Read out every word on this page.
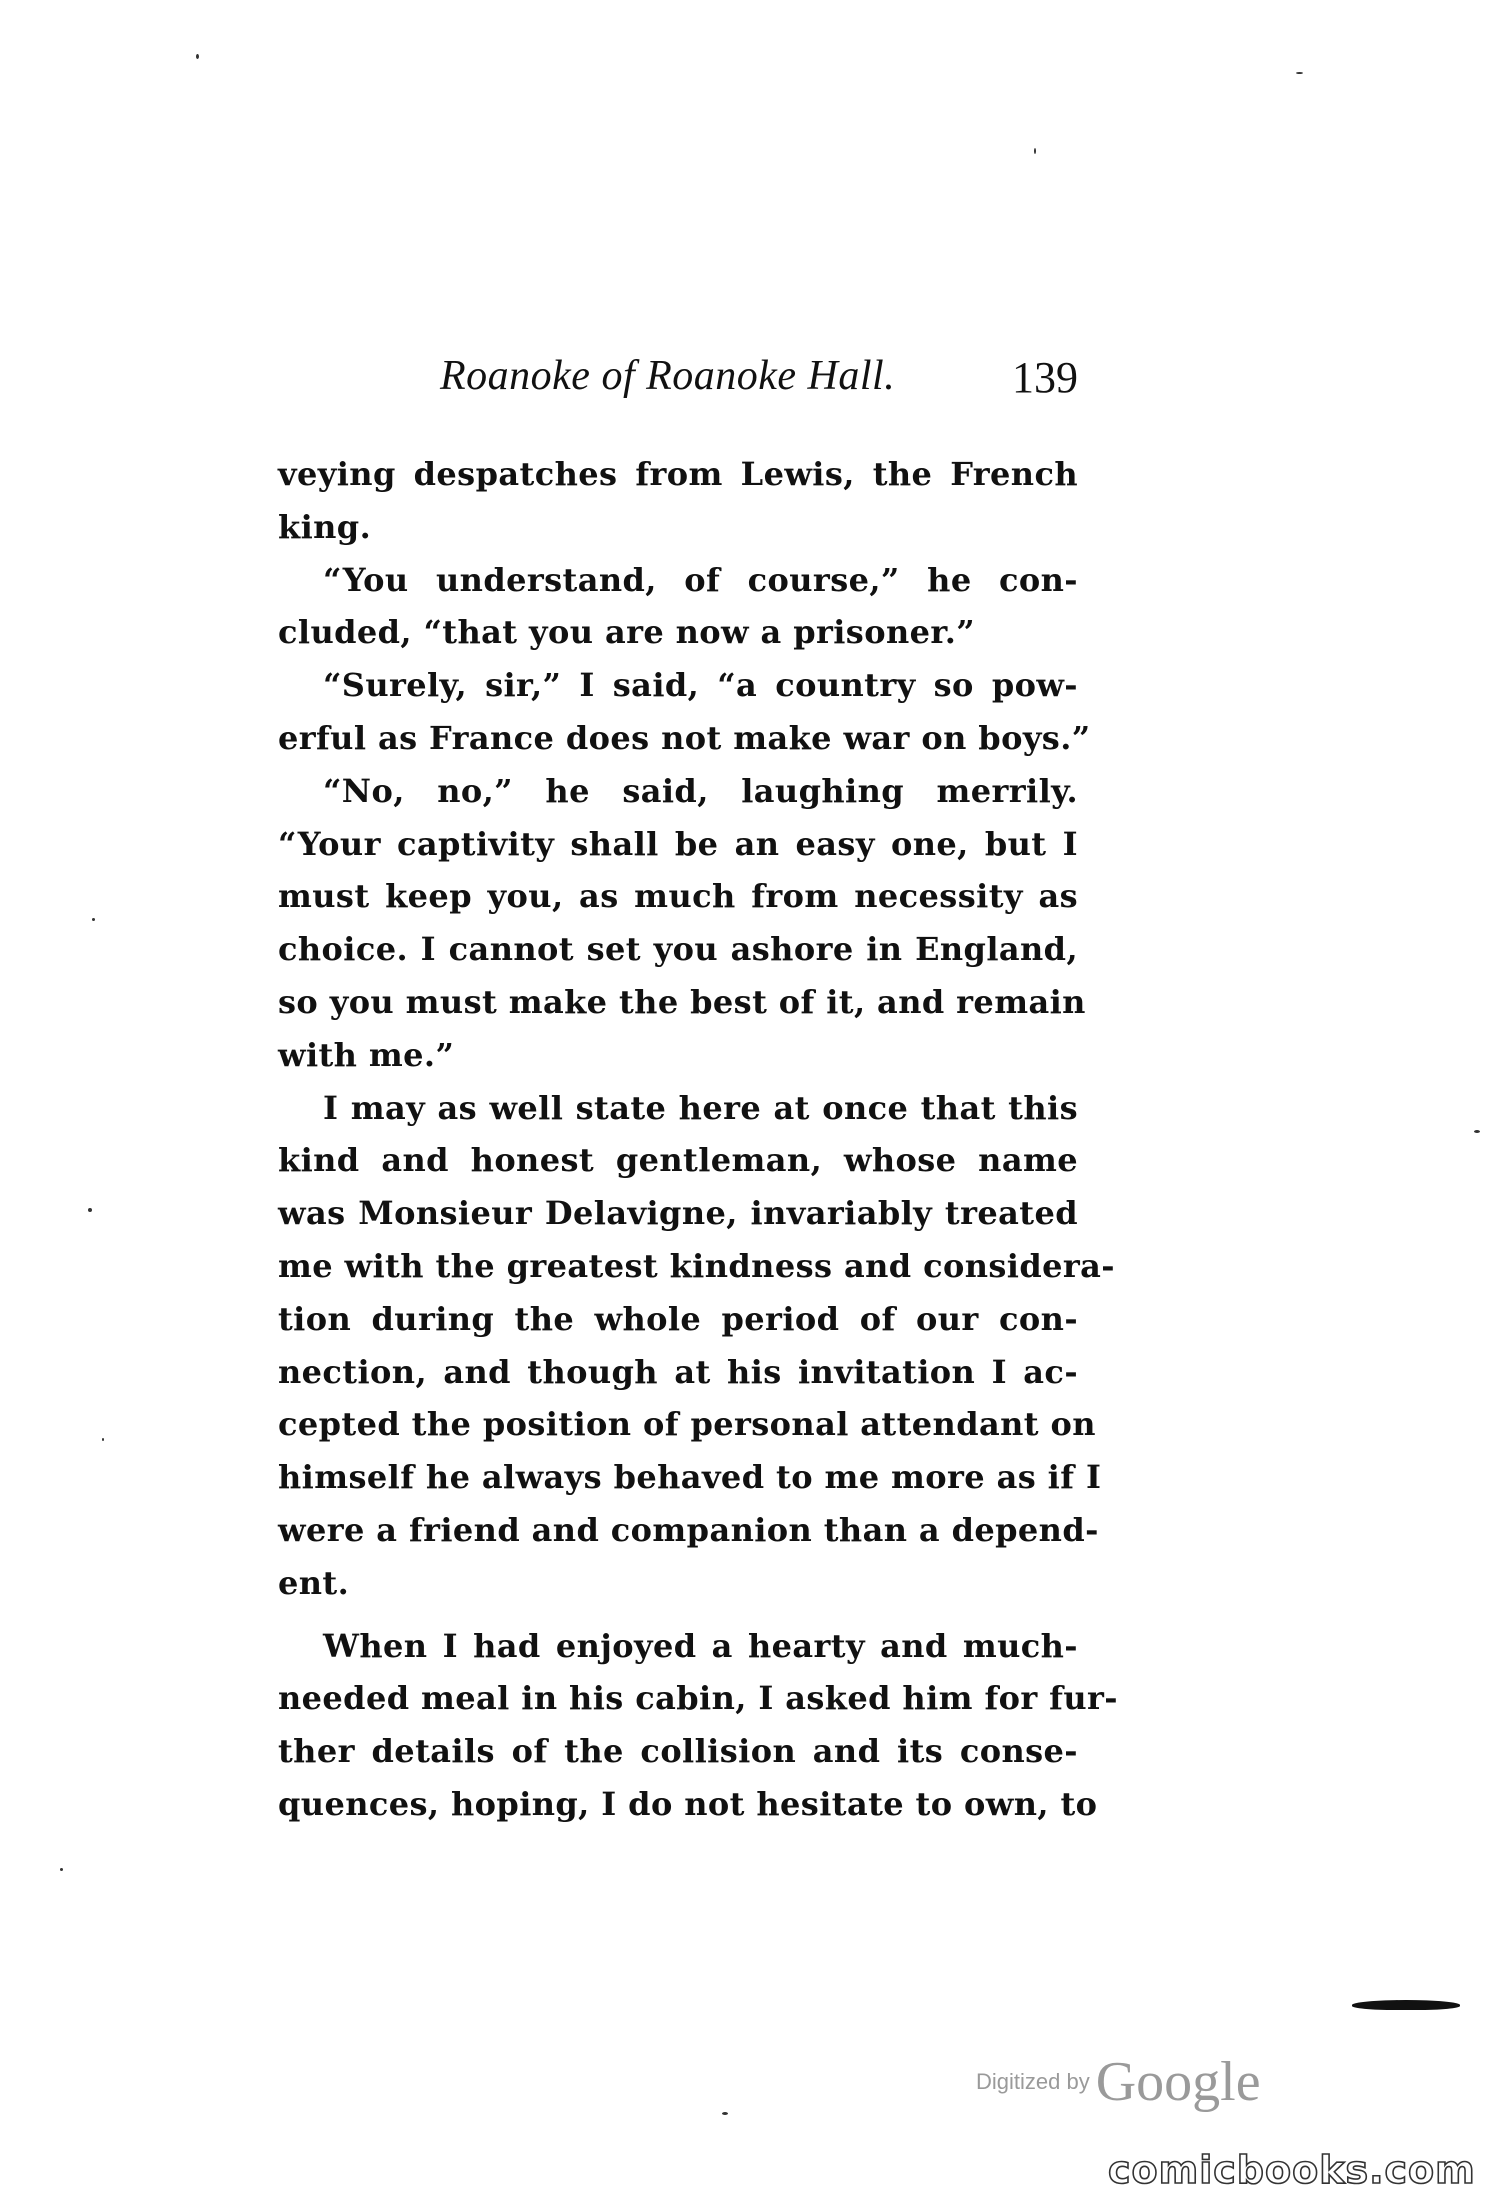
Roanoke of Roanoke Hall.	139
veying despatches from Lewis, the French
king.
“You understand, of course,” he con-
cluded, “that you are now a prisoner.”
“Surely, sir,” I said, “a country so pow-
erful as France does not make war on boys.”
“No, no,” he said, laughing merrily.
“Your captivity shall be an easy one, but I
must keep you, as much from necessity as
choice. I cannot set you ashore in England,
so you must make the best of it, and remain
with me.”
I may as well state here at once that this
kind and honest gentleman, whose name
was Monsieur Delavigne, invariably treated
me with the greatest kindness and considera-
tion during the whole period of our con-
nection, and though at his invitation I ac-
cepted the position of personal attendant on
himself he always behaved to me more as if I
were a friend and companion than a depend-
ent.
When I had enjoyed a hearty and much-
needed meal in his cabin, I asked him for fur-
ther details of the collision and its conse-
quences, hoping, I do not hesitate to own, to
Digitized by Google
comicbooks.com
